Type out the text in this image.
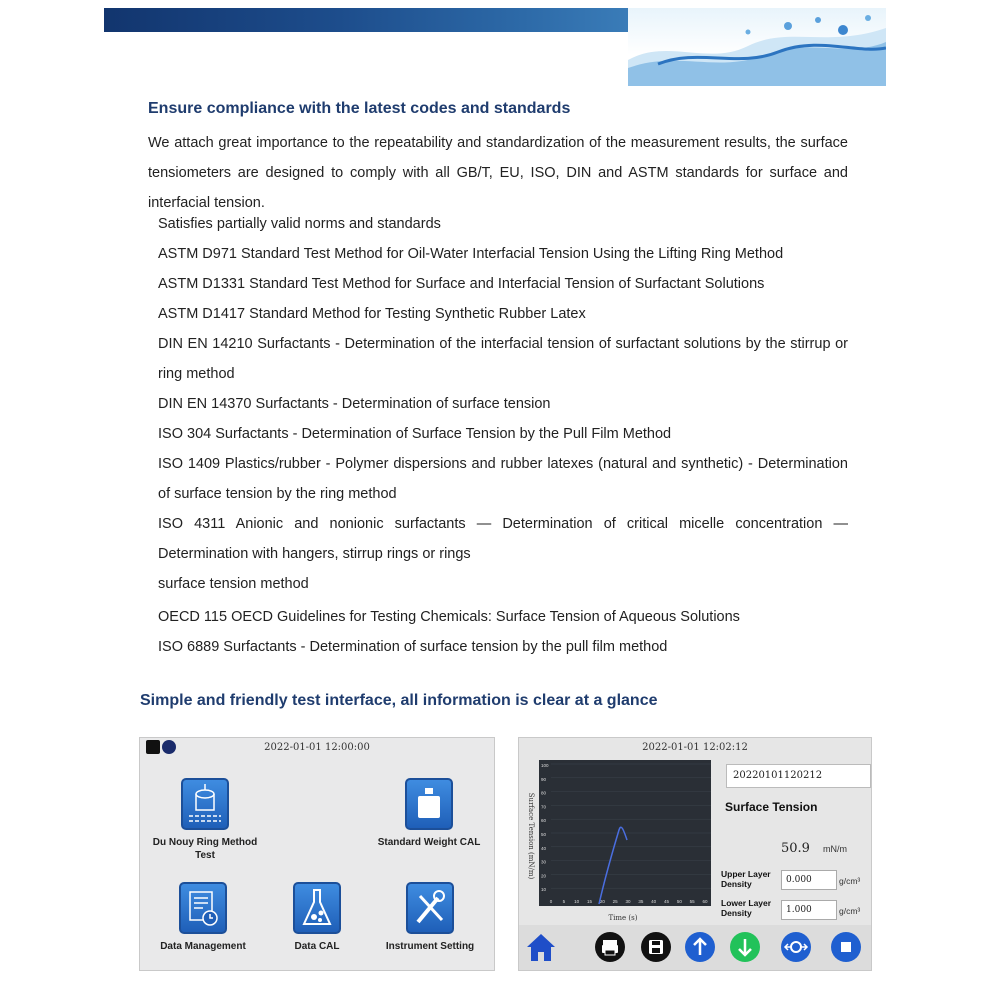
Ensure compliance with the latest codes and standards
We attach great importance to the repeatability and standardization of the measurement results, the surface tensiometers are designed to comply with all GB/T, EU, ISO, DIN and ASTM standards for surface and interfacial tension.
Satisfies partially valid norms and standards
ASTM D971 Standard Test Method for Oil-Water Interfacial Tension Using the Lifting Ring Method
ASTM D1331 Standard Test Method for Surface and Interfacial Tension of Surfactant Solutions
ASTM D1417 Standard Method for Testing Synthetic Rubber Latex
DIN EN 14210 Surfactants - Determination of the interfacial tension of surfactant solutions by the stirrup or ring method
DIN EN 14370 Surfactants - Determination of surface tension
ISO 304 Surfactants - Determination of Surface Tension by the Pull Film Method
ISO 1409 Plastics/rubber - Polymer dispersions and rubber latexes (natural and synthetic) - Determination of surface tension by the ring method
ISO 4311 Anionic and nonionic surfactants — Determination of critical micelle concentration — Determination with hangers, stirrup rings or rings
surface tension method
OECD 115 OECD Guidelines for Testing Chemicals: Surface Tension of Aqueous Solutions
ISO 6889 Surfactants - Determination of surface tension by the pull film method
Simple and friendly test interface, all information is clear at a glance
2022-01-01 12:00:00
Du Nouy Ring Method Test
Standard Weight CAL
Data Management	Data CAL	Instrument Setting
2022-01-01 12:02:12
100
90
80
70
60
50
40
30
20
10
0 5 10 15 20 25 30 35 40 45 50 55 60
Surface Tension (mN/m)
Time (s)
20220101120212
Surface Tension
50.9 mN/m
Upper Layer Density	0.000	g/cm³
Lower Layer Density	1.000	g/cm³
